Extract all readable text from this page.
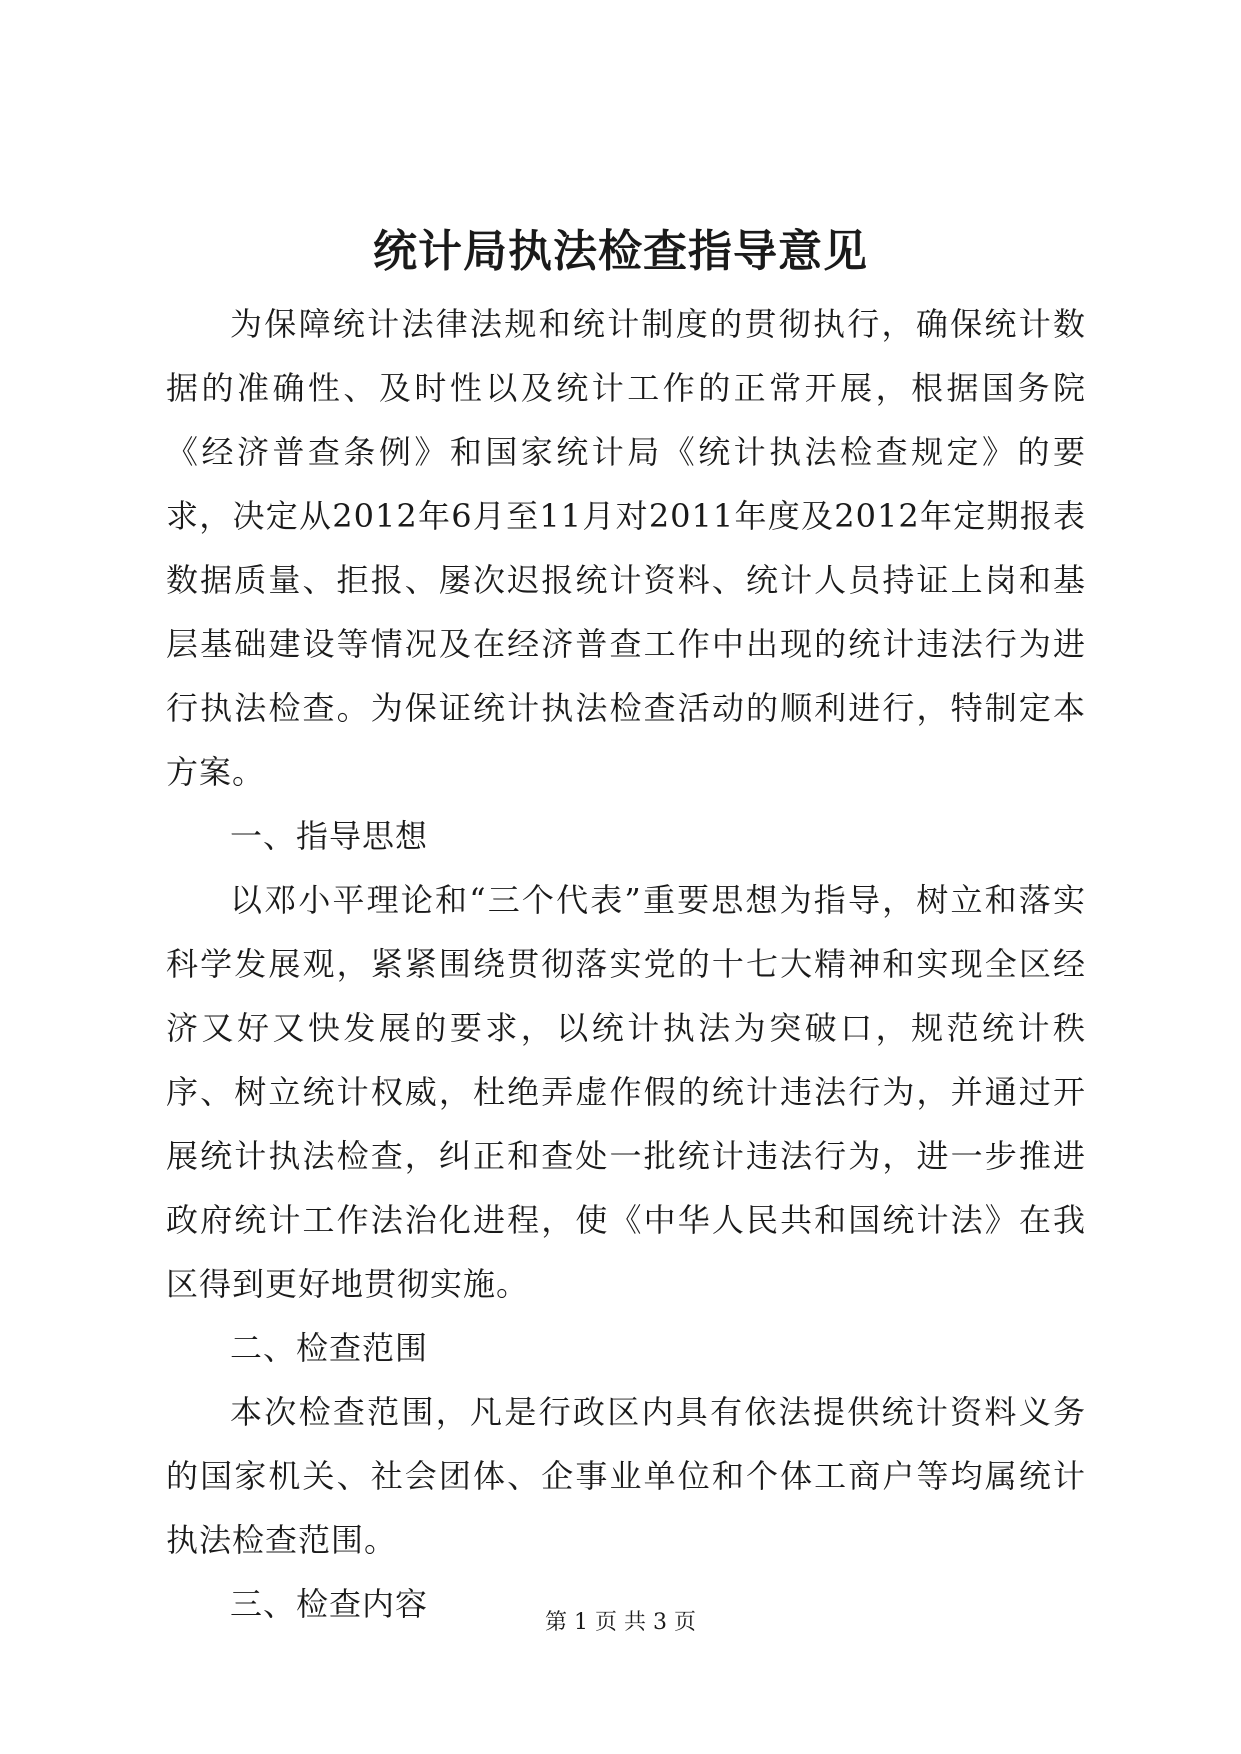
统计局执法检查指导意见

为保障统计法律法规和统计制度的贯彻执行，确保统计数据的准确性、及时性以及统计工作的正常开展，根据国务院《经济普查条例》和国家统计局《统计执法检查规定》的要求，决定从2012年6月至11月对2011年度及2012年定期报表数据质量、拒报、屡次迟报统计资料、统计人员持证上岗和基层基础建设等情况及在经济普查工作中出现的统计违法行为进行执法检查。为保证统计执法检查活动的顺利进行，特制定本方案。

一、指导思想

以邓小平理论和“三个代表”重要思想为指导，树立和落实科学发展观，紧紧围绕贯彻落实党的十七大精神和实现全区经济又好又快发展的要求，以统计执法为突破口，规范统计秩序、树立统计权威，杜绝弄虚作假的统计违法行为，并通过开展统计执法检查，纠正和查处一批统计违法行为，进一步推进政府统计工作法治化进程，使《中华人民共和国统计法》在我区得到更好地贯彻实施。

二、检查范围

本次检查范围，凡是行政区内具有依法提供统计资料义务的国家机关、社会团体、企事业单位和个体工商户等均属统计执法检查范围。

三、检查内容	第 1 页 共 3 页
